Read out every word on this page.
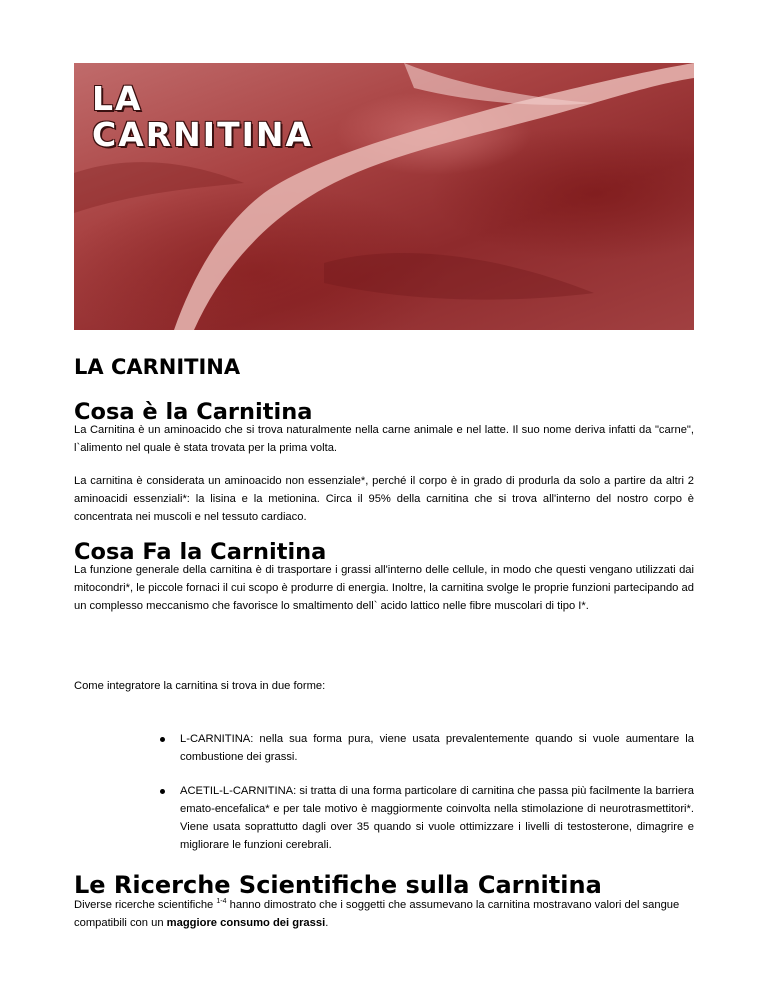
LA
CARNITINA
LA CARNITINA
Cosa è la Carnitina

La Carnitina è un aminoacido che si trova naturalmente nella carne animale e nel latte. Il suo nome deriva infatti da "carne", l`alimento nel quale è stata trovata per la prima volta.

La carnitina è considerata un aminoacido non essenziale*, perché il corpo è in grado di produrla da solo a partire da altri 2 aminoacidi essenziali*: la lisina e la metionina. Circa il 95% della carnitina che si trova all'interno del nostro corpo è concentrata nei muscoli e nel tessuto cardiaco.

Cosa Fa la Carnitina

La funzione generale della carnitina è di trasportare i grassi all'interno delle cellule, in modo che questi vengano utilizzati dai mitocondri*, le piccole fornaci il cui scopo è produrre di energia. Inoltre, la carnitina svolge le proprie funzioni partecipando ad un complesso meccanismo che favorisce lo smaltimento dell` acido lattico nelle fibre muscolari di tipo I*.

Come integratore la carnitina si trova in due forme:

L-CARNITINA: nella sua forma pura, viene usata prevalentemente quando si vuole aumentare la combustione dei grassi.
ACETIL-L-CARNITINA: si tratta di una forma particolare di carnitina che passa più facilmente la barriera emato-encefalica* e per tale motivo è maggiormente coinvolta nella stimolazione di neurotrasmettitori*. Viene usata soprattutto dagli over 35 quando si vuole ottimizzare i livelli di testosterone, dimagrire e migliorare le funzioni cerebrali.
Le Ricerche Scientifiche sulla Carnitina

Diverse ricerche scientifiche $^{1-4}$ hanno dimostrato che i soggetti che assumevano la carnitina mostravano valori del sangue compatibili con un maggiore consumo dei grassi.
